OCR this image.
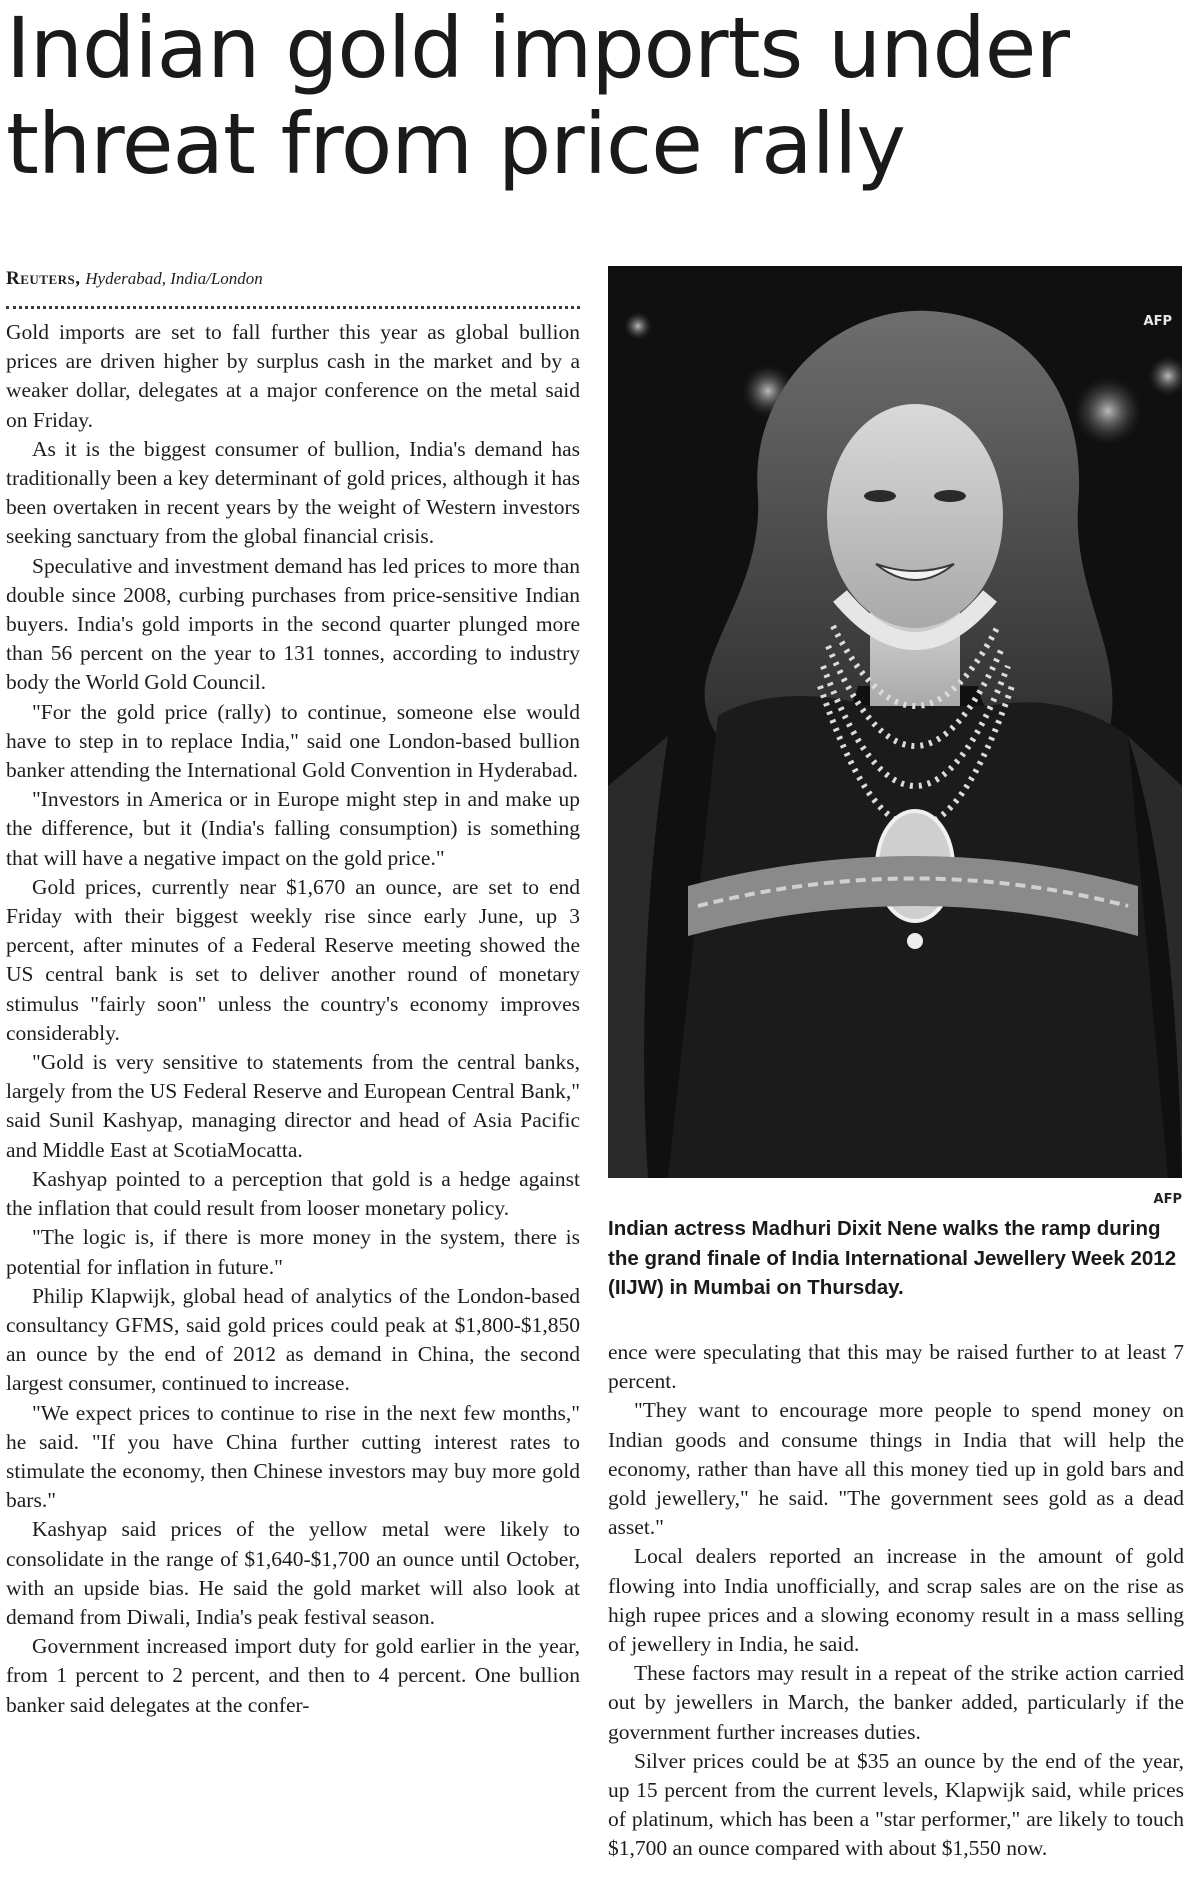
Indian gold imports under
threat from price rally
Reuters, Hyderabad, India/London

Gold imports are set to fall further this year as global bullion prices are driven higher by surplus cash in the market and by a weaker dollar, delegates at a major conference on the metal said on Friday.

As it is the biggest consumer of bullion, India's demand has traditionally been a key determinant of gold prices, although it has been overtaken in recent years by the weight of Western investors seeking sanctuary from the global financial crisis.

Speculative and investment demand has led prices to more than double since 2008, curbing purchases from price-sensitive Indian buyers. India's gold imports in the second quarter plunged more than 56 percent on the year to 131 tonnes, according to industry body the World Gold Council.

"For the gold price (rally) to continue, someone else would have to step in to replace India," said one London-based bullion banker attending the International Gold Convention in Hyderabad.

"Investors in America or in Europe might step in and make up the difference, but it (India's falling consumption) is something that will have a negative impact on the gold price."

Gold prices, currently near $1,670 an ounce, are set to end Friday with their biggest weekly rise since early June, up 3 percent, after minutes of a Federal Reserve meeting showed the US central bank is set to deliver another round of monetary stimulus "fairly soon" unless the country's economy improves considerably.

"Gold is very sensitive to statements from the central banks, largely from the US Federal Reserve and European Central Bank," said Sunil Kashyap, managing director and head of Asia Pacific and Middle East at ScotiaMocatta.

Kashyap pointed to a perception that gold is a hedge against the inflation that could result from looser monetary policy.

"The logic is, if there is more money in the system, there is potential for inflation in future."

Philip Klapwijk, global head of analytics of the London-based consultancy GFMS, said gold prices could peak at $1,800-$1,850 an ounce by the end of 2012 as demand in China, the second largest consumer, continued to increase.

"We expect prices to continue to rise in the next few months," he said. "If you have China further cutting interest rates to stimulate the economy, then Chinese investors may buy more gold bars."

Kashyap said prices of the yellow metal were likely to consolidate in the range of $1,640-$1,700 an ounce until October, with an upside bias. He said the gold market will also look at demand from Diwali, India's peak festival season.

Government increased import duty for gold earlier in the year, from 1 percent to 2 percent, and then to 4 percent. One bullion banker said delegates at the confer-

AFP
AFP

Indian actress Madhuri Dixit Nene walks the ramp during the grand finale of India International Jewellery Week 2012 (IIJW) in Mumbai on Thursday.

ence were speculating that this may be raised further to at least 7 percent.

"They want to encourage more people to spend money on Indian goods and consume things in India that will help the economy, rather than have all this money tied up in gold bars and gold jewellery," he said. "The government sees gold as a dead asset."

Local dealers reported an increase in the amount of gold flowing into India unofficially, and scrap sales are on the rise as high rupee prices and a slowing economy result in a mass selling of jewellery in India, he said.

These factors may result in a repeat of the strike action carried out by jewellers in March, the banker added, particularly if the government further increases duties.

Silver prices could be at $35 an ounce by the end of the year, up 15 percent from the current levels, Klapwijk said, while prices of platinum, which has been a "star performer," are likely to touch $1,700 an ounce compared with about $1,550 now.
